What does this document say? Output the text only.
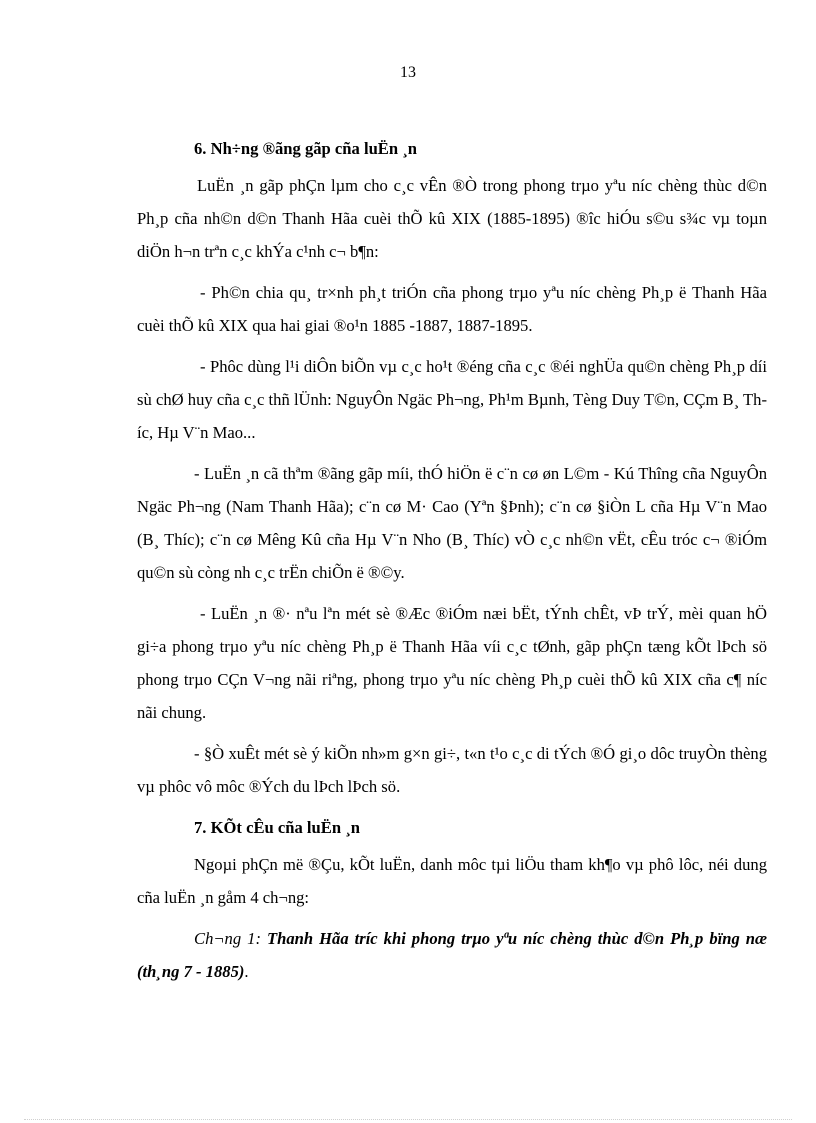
13
6. Nh÷ng ®ãng gãp cña luËn ¸n

LuËn ¸n gãp phÇn lµm cho c¸c vÊn ®Ò trong phong trµo yªu níc chèng thùc d©n Ph¸p cña nh©n d©n Thanh Hãa cuèi thÕ kû XIX (1885-1895) ®îc hiÓu s©u s¾c vµ toµn diÖn h¬n trªn c¸c khÝa c¹nh c¬ b¶n:

- Ph©n chia qu¸ tr×nh ph¸t triÓn cña phong trµo yªu níc chèng Ph¸p ë Thanh Hãa cuèi thÕ kû XIX qua hai giai ®o¹n 1885 -1887, 1887-1895.

- Phôc dùng l¹i diÔn biÕn vµ c¸c ho¹t ®éng cña c¸c ®éi nghÜa qu©n chèng Ph¸p díi sù chØ huy cña c¸c thñ lÜnh: NguyÔn Ngäc Ph¬ng, Ph¹m Bµnh, Tèng Duy T©n, CÇm B¸ Thíc, Hµ V¨n Mao...

- LuËn ¸n cã thªm ®ãng gãp míi, thÓ hiÖn ë c¨n cø øn L©m - Kú Thîng cña NguyÔn Ngäc Ph¬ng (Nam Thanh Hãa); c¨n cø M· Cao (Yªn §Þnh); c¨n cø §iÒn L cña Hµ V¨n Mao (B¸ Thíc); c¨n cø Mêng Kû cña Hµ V¨n Nho (B¸ Thíc) vÒ c¸c nh©n vËt, cÊu tróc c¬ ®iÓm qu©n sù còng nh c¸c trËn chiÕn ë ®©y.

- LuËn ¸n ®· nªu lªn mét sè ®Æc ®iÓm næi bËt, tÝnh chÊt, vÞ trÝ, mèi quan hÖ gi÷a phong trµo yªu níc chèng Ph¸p ë Thanh Hãa víi c¸c tØnh, gãp phÇn tæng kÕt lÞch sö phong trµo CÇn V¬ng nãi riªng, phong trµo yªu níc chèng Ph¸p cuèi thÕ kû XIX cña c¶ níc nãi chung.

- §Ò xuÊt mét sè ý kiÕn nh»m g×n gi÷, t«n t¹o c¸c di tÝch ®Ó gi¸o dôc truyÒn thèng vµ phôc vô môc ®Ých du lÞch lÞch sö.

7. KÕt cÊu cña luËn ¸n

Ngoµi phÇn më ®Çu, kÕt luËn, danh môc tµi liÖu tham kh¶o vµ phô lôc, néi dung cña luËn ¸n gåm 4 ch¬ng:

Ch¬ng 1: Thanh Hãa tríc khi phong trµo yªu níc chèng thùc d©n Ph¸p bïng næ (th¸ng 7 - 1885).
